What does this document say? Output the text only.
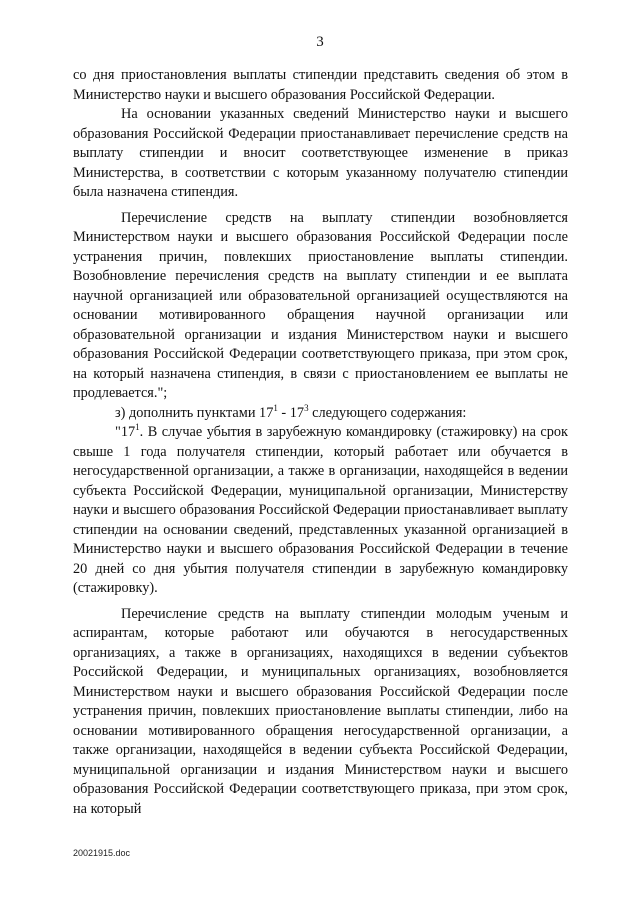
3

со дня приостановления выплаты стипендии представить сведения об этом в Министерство науки и высшего образования Российской Федерации.

На основании указанных сведений Министерство науки и высшего образования Российской Федерации приостанавливает перечисление средств на выплату стипендии и вносит соответствующее изменение в приказ Министерства, в соответствии с которым указанному получателю стипендии была назначена стипендия.

Перечисление средств на выплату стипендии возобновляется Министерством науки и высшего образования Российской Федерации после устранения причин, повлекших приостановление выплаты стипендии. Возобновление перечисления средств на выплату стипендии и ее выплата научной организацией или образовательной организацией осуществляются на основании мотивированного обращения научной организации или образовательной организации и издания Министерством науки и высшего образования Российской Федерации соответствующего приказа, при этом срок, на который назначена стипендия, в связи с приостановлением ее выплаты не продлевается.";

з) дополнить пунктами $17^1 - 17^3$ следующего содержания:

"$17^1$. В случае убытия в зарубежную командировку (стажировку) на срок свыше 1 года получателя стипендии, который работает или обучается в негосударственной организации, а также в организации, находящейся в ведении субъекта Российской Федерации, муниципальной организации, Министерству науки и высшего образования Российской Федерации приостанавливает выплату стипендии на основании сведений, представленных указанной организацией в Министерство науки и высшего образования Российской Федерации в течение 20 дней со дня убытия получателя стипендии в зарубежную командировку (стажировку).

Перечисление средств на выплату стипендии молодым ученым и аспирантам, которые работают или обучаются в негосударственных организациях, а также в организациях, находящихся в ведении субъектов Российской Федерации, и муниципальных организациях, возобновляется Министерством науки и высшего образования Российской Федерации после устранения причин, повлекших приостановление выплаты стипендии, либо на основании мотивированного обращения негосударственной организации, а также организации, находящейся в ведении субъекта Российской Федерации, муниципальной организации и издания Министерством науки и высшего образования Российской Федерации соответствующего приказа, при этом срок, на который

20021915.doc
